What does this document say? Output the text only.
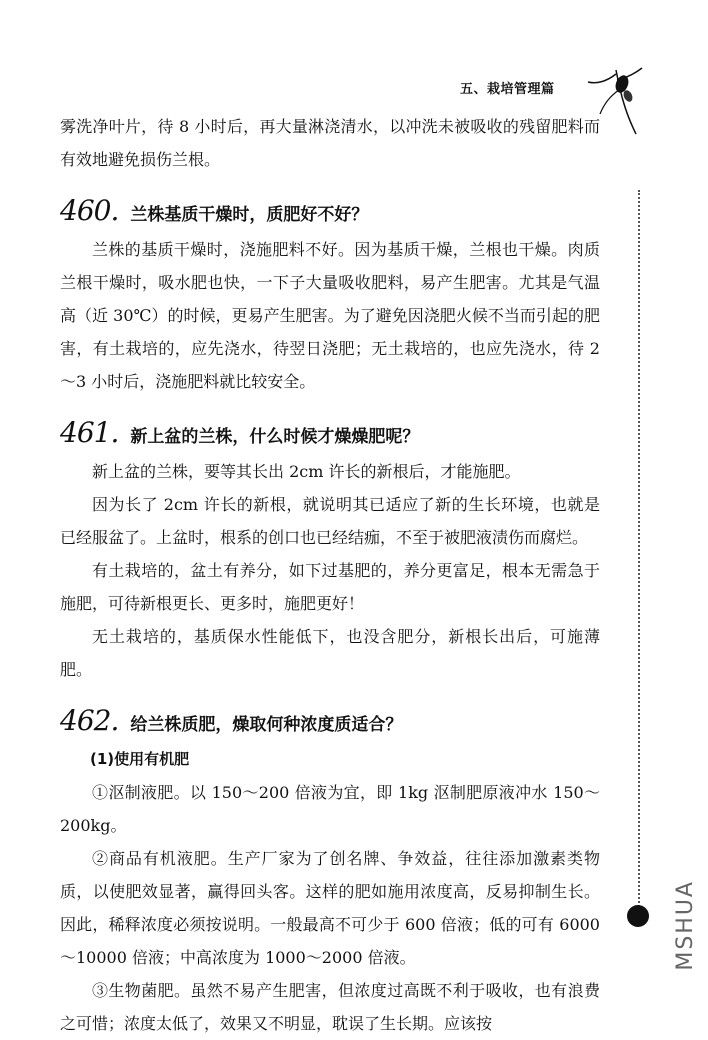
五、栽培管理篇
MSHUA

雾洗净叶片，待 8 小时后，再大量淋浇清水，以冲洗未被吸收的残留肥料而有效地避免损伤兰根。

460. 兰株基质干燥时，质肥好不好？

兰株的基质干燥时，浇施肥料不好。因为基质干燥，兰根也干燥。肉质兰根干燥时，吸水肥也快，一下子大量吸收肥料，易产生肥害。尤其是气温高（近 30℃）的时候，更易产生肥害。为了避免因浇肥火候不当而引起的肥害，有土栽培的，应先浇水，待翌日浇肥；无土栽培的，也应先浇水，待 2～3 小时后，浇施肥料就比较安全。

461. 新上盆的兰株，什么时候才燥燥肥呢？

新上盆的兰株，要等其长出 2cm 许长的新根后，才能施肥。

因为长了 2cm 许长的新根，就说明其已适应了新的生长环境，也就是已经服盆了。上盆时，根系的创口也已经结痂，不至于被肥液渍伤而腐烂。

有土栽培的，盆土有养分，如下过基肥的，养分更富足，根本无需急于施肥，可待新根更长、更多时，施肥更好！

无土栽培的，基质保水性能低下，也没含肥分，新根长出后，可施薄肥。

462. 给兰株质肥，燥取何种浓度质适合？

(1)使用有机肥

①沤制液肥。以 150～200 倍液为宜，即 1kg 沤制肥原液冲水 150～200kg。

②商品有机液肥。生产厂家为了创名牌、争效益，往往添加激素类物质，以使肥效显著，赢得回头客。这样的肥如施用浓度高，反易抑制生长。因此，稀释浓度必须按说明。一般最高不可少于 600 倍液；低的可有 6000～10000 倍液；中高浓度为 1000～2000 倍液。

③生物菌肥。虽然不易产生肥害，但浓度过高既不利于吸收，也有浪费之可惜；浓度太低了，效果又不明显，耽误了生长期。应该按
